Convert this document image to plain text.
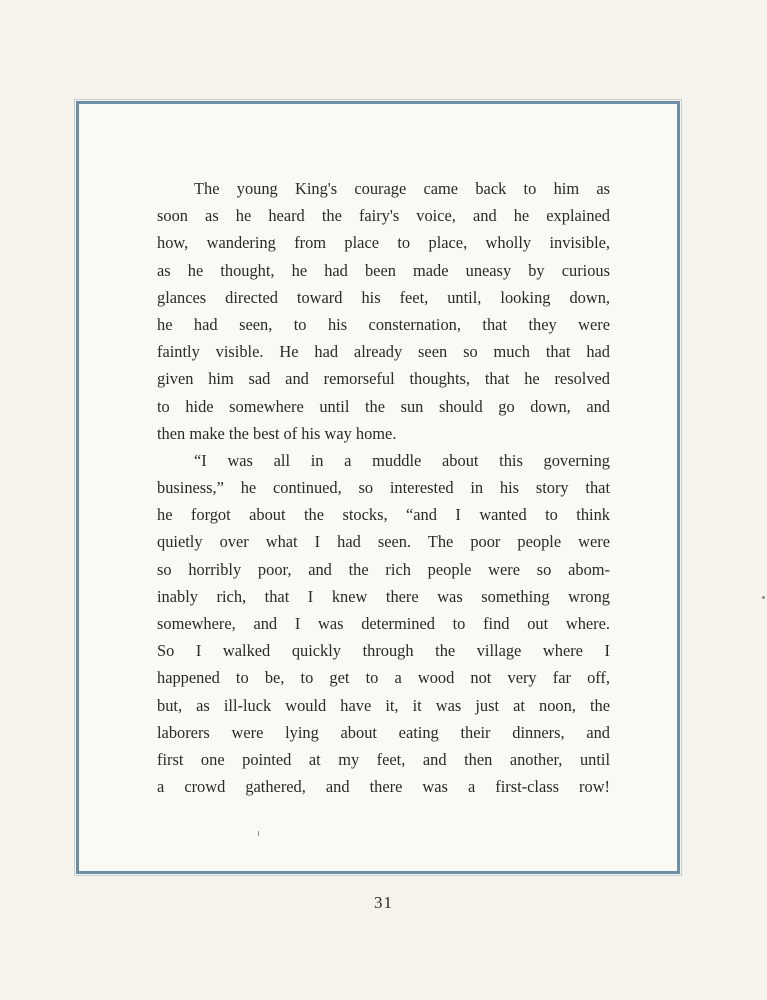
The young King's courage came back to him as
soon as he heard the fairy's voice, and he explained
how, wandering from place to place, wholly invisible,
as he thought, he had been made uneasy by curious
glances directed toward his feet, until, looking down,
he had seen, to his consternation, that they were
faintly visible. He had already seen so much that had
given him sad and remorseful thoughts, that he resolved
to hide somewhere until the sun should go down, and
then make the best of his way home.
“I was all in a muddle about this governing
business,” he continued, so interested in his story that
he forgot about the stocks, “and I wanted to think
quietly over what I had seen. The poor people were
so horribly poor, and the rich people were so abom-
inably rich, that I knew there was something wrong
somewhere, and I was determined to find out where.
So I walked quickly through the village where I
happened to be, to get to a wood not very far off,
but, as ill-luck would have it, it was just at noon, the
laborers were lying about eating their dinners, and
first one pointed at my feet, and then another, until
a crowd gathered, and there was a first-class row!
31
